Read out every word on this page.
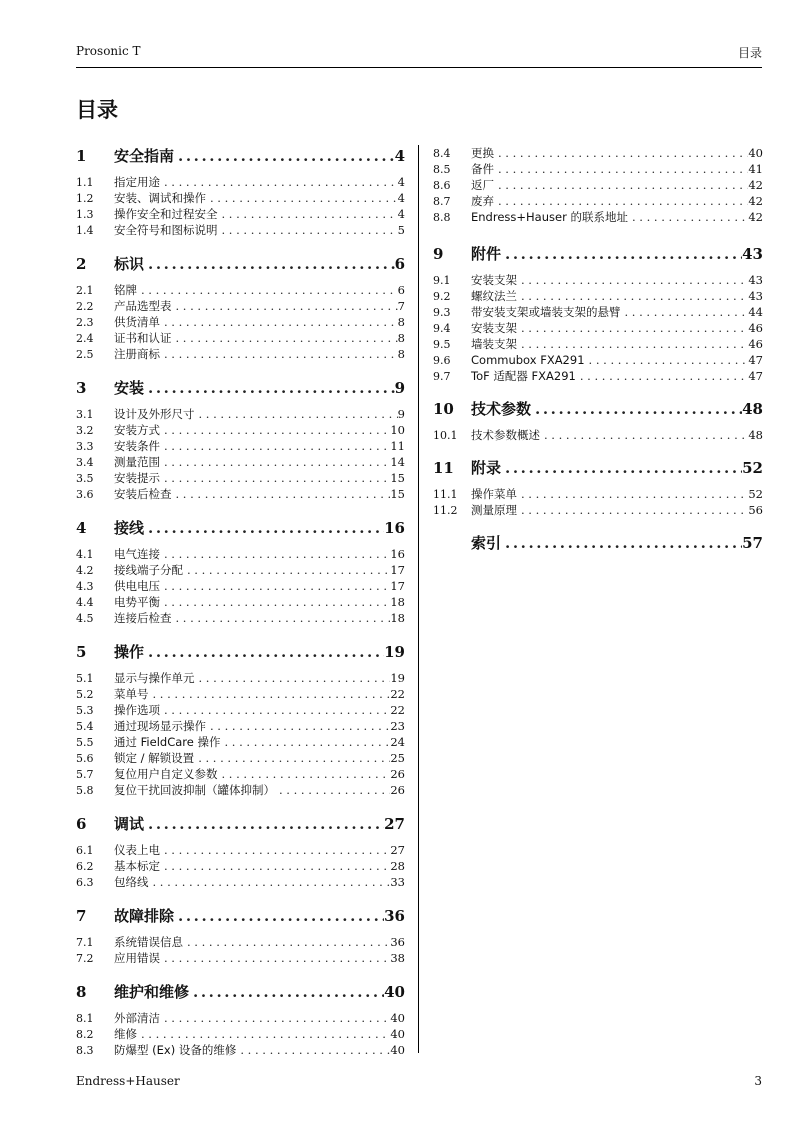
Prosonic T	目录
目录
1	安全指南 .....	4
1.1	指定用途 . . .	4
1.2	安装、调试和操作 . . .	4
1.3	操作安全和过程安全 . . .	4
1.4	安全符号和图标说明 . . .	5
2	标识 .....	6
2.1	铭牌 . . .	6
2.2	产品选型表 . . .	7
2.3	供货清单 . . .	8
2.4	证书和认证 . . .	8
2.5	注册商标 . . .	8
3	安装 .....	9
3.1	设计及外形尺寸 . . .	9
3.2	安装方式 . . .	10
3.3	安装条件 . . .	11
3.4	测量范围 . . .	14
3.5	安装提示 . . .	15
3.6	安装后检查 . . .	15
4	接线 .....	16
4.1	电气连接 . . .	16
4.2	接线端子分配 . . .	17
4.3	供电电压 . . .	17
4.4	电势平衡 . . .	18
4.5	连接后检查 . . .	18
5	操作 .....	19
5.1	显示与操作单元 . . .	19
5.2	菜单号 . . .	22
5.3	操作选项 . . .	22
5.4	通过现场显示操作 . . .	23
5.5	通过 FieldCare 操作 . . .	24
5.6	锁定 / 解锁设置 . . .	25
5.7	复位用户自定义参数 . . .	26
5.8	复位干扰回波抑制（罐体抑制） . . .	26
6	调试 .....	27
6.1	仪表上电 . . .	27
6.2	基本标定 . . .	28
6.3	包络线 . . .	33
7	故障排除 .....	36
7.1	系统错误信息 . . .	36
7.2	应用错误 . . .	38
8	维护和维修 .....	40
8.1	外部清洁 . . .	40
8.2	维修 . . .	40
8.3	防爆型 (Ex) 设备的维修 . . .	40
8.4	更换 . . .	40
8.5	备件 . . .	41
8.6	返厂 . . .	42
8.7	废弃 . . .	42
8.8	Endress+Hauser 的联系地址 . . .	42
9	附件 .....	43
9.1	安装支架 . . .	43
9.2	螺纹法兰 . . .	43
9.3	带安装支架或墙装支架的悬臂 . . .	44
9.4	安装支架 . . .	46
9.5	墙装支架 . . .	46
9.6	Commubox FXA291 . . .	47
9.7	ToF 适配器 FXA291 . . .	47
10	技术参数 .....	48
10.1	技术参数概述 . . .	48
11	附录 .....	52
11.1	操作菜单 . . .	52
11.2	测量原理 . . .	56
索引 .....	57
Endress+Hauser	3
